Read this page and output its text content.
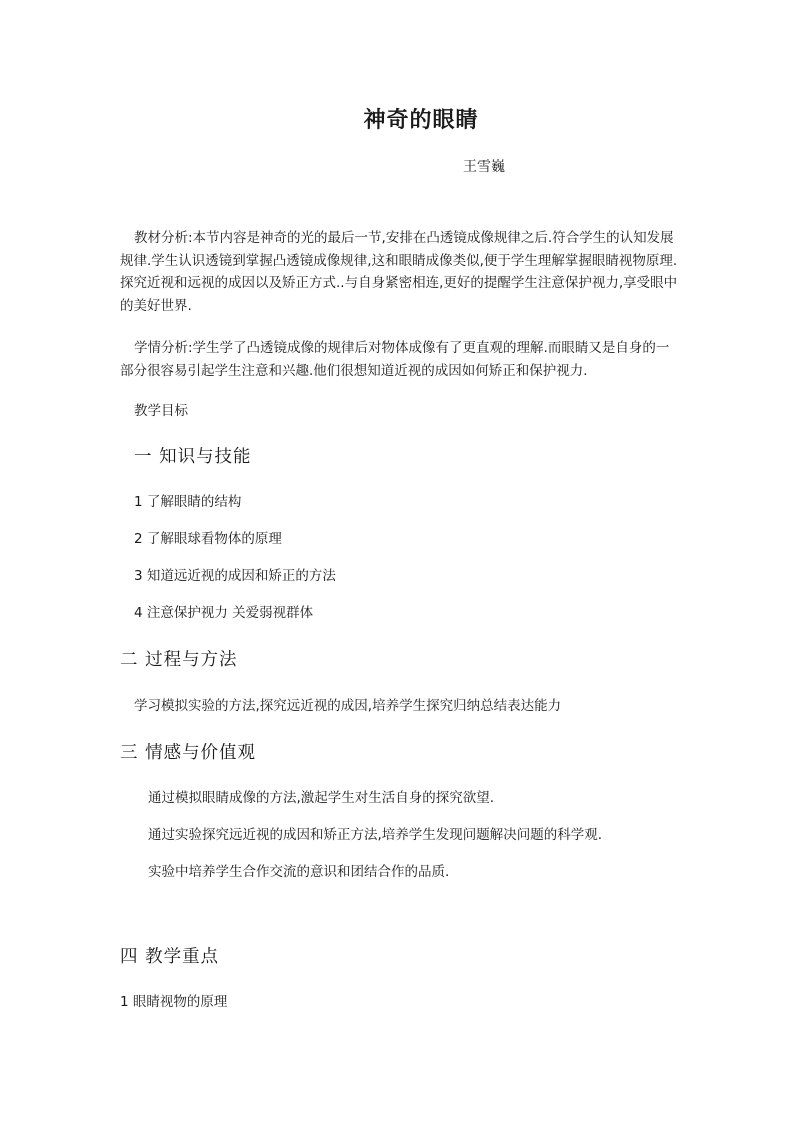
神奇的眼睛
王雪巍
教材分析:本节内容是神奇的光的最后一节,安排在凸透镜成像规律之后.符合学生的认知发展规律.学生认识透镜到掌握凸透镜成像规律,这和眼睛成像类似,便于学生理解掌握眼睛视物原理.探究近视和远视的成因以及矫正方式..与自身紧密相连,更好的提醒学生注意保护视力,享受眼中的美好世界.
学情分析:学生学了凸透镜成像的规律后对物体成像有了更直观的理解.而眼睛又是自身的一部分很容易引起学生注意和兴趣.他们很想知道近视的成因如何矫正和保护视力.
教学目标
一 知识与技能
1 了解眼睛的结构
2 了解眼球看物体的原理
3 知道远近视的成因和矫正的方法
4 注意保护视力 关爱弱视群体
二 过程与方法
学习模拟实验的方法,探究远近视的成因,培养学生探究归纳总结表达能力
三 情感与价值观
通过模拟眼睛成像的方法,激起学生对生活自身的探究欲望.
通过实验探究远近视的成因和矫正方法,培养学生发现问题解决问题的科学观.
实验中培养学生合作交流的意识和团结合作的品质.
四 教学重点
1 眼睛视物的原理
